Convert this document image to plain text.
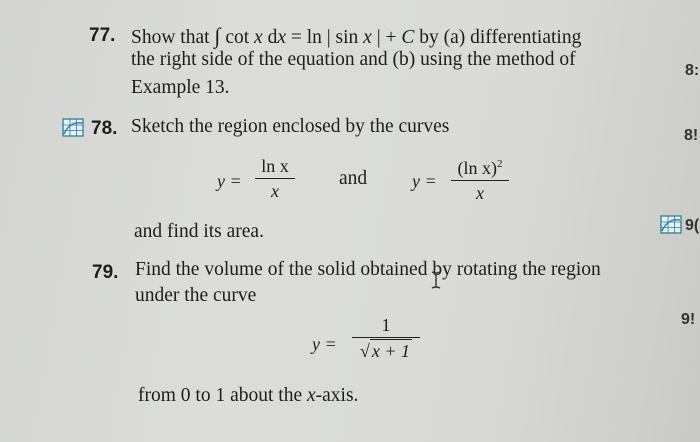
77. Show that ∫ cot x dx = ln | sin x | + C by (a) differentiating
the right side of the equation and (b) using the method of
Example 13.
78. Sketch the region enclosed by the curves
y =
ln x
x
and y =
(ln x)$^2$
x
and find its area.
79. Find the volume of the solid obtained by rotating the region
under the curve
y =
1
√ x + 1
from 0 to 1 about the x-axis.
8:
8!
9(
9!
